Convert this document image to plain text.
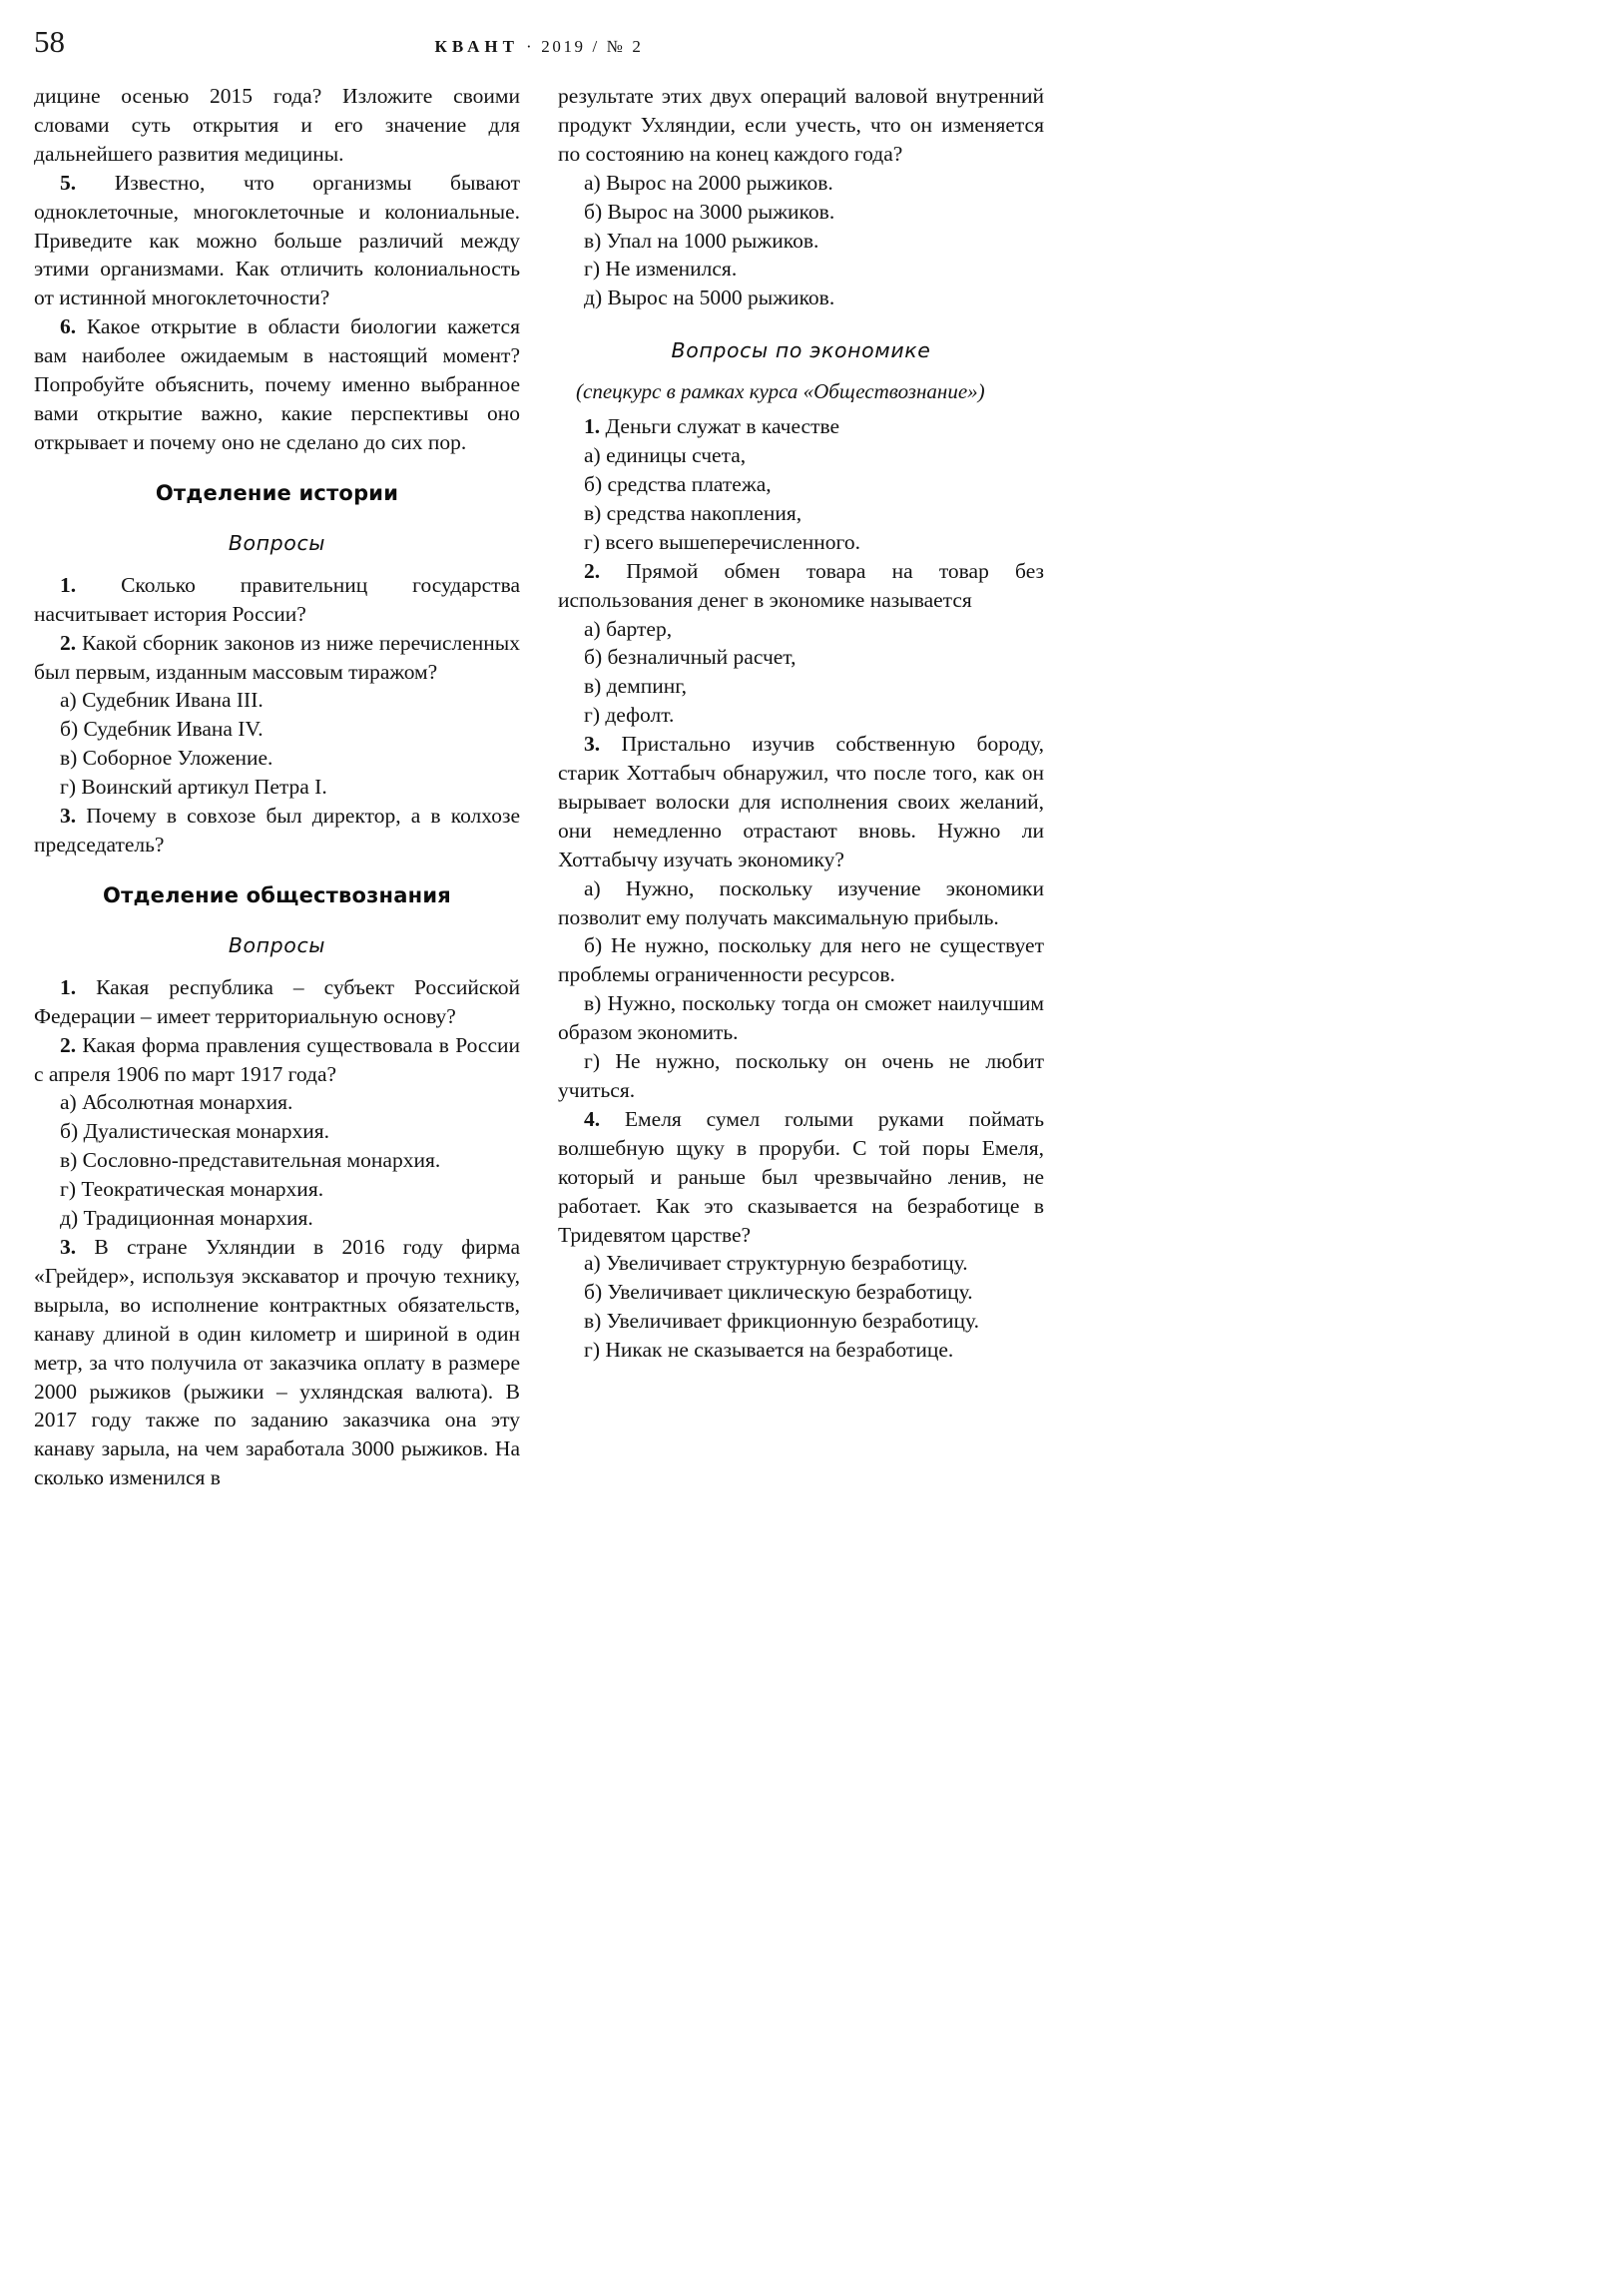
58	КВАНТ · 2019 / № 2

дицине осенью 2015 года? Изложите своими словами суть открытия и его значение для дальнейшего развития медицины.

5. Известно, что организмы бывают одноклеточные, многоклеточные и колониальные. Приведите как можно больше различий между этими организмами. Как отличить колониальность от истинной многоклеточности?

6. Какое открытие в области биологии кажется вам наиболее ожидаемым в настоящий момент? Попробуйте объяснить, почему именно выбранное вами открытие важно, какие перспективы оно открывает и почему оно не сделано до сих пор.

Отделение истории
Вопросы

1. Сколько правительниц государства насчитывает история России?

2. Какой сборник законов из ниже перечисленных был первым, изданным массовым тиражом?

а) Судебник Ивана III.

б) Судебник Ивана IV.

в) Соборное Уложение.

г) Воинский артикул Петра I.

3. Почему в совхозе был директор, а в колхозе председатель?

Отделение обществознания
Вопросы

1. Какая республика – субъект Российской Федерации – имеет территориальную основу?

2. Какая форма правления существовала в России с апреля 1906 по март 1917 года?

а) Абсолютная монархия.

б) Дуалистическая монархия.

в) Сословно-представительная монархия.

г) Теократическая монархия.

д) Традиционная монархия.

3. В стране Ухляндии в 2016 году фирма «Грейдер», используя экскаватор и прочую технику, вырыла, во исполнение контрактных обязательств, канаву длиной в один километр и шириной в один метр, за что получила от заказчика оплату в размере 2000 рыжиков (рыжики – ухляндская валюта). В 2017 году также по заданию заказчика она эту канаву зарыла, на чем заработала 3000 рыжиков. На сколько изменился в

результате этих двух операций валовой внутренний продукт Ухляндии, если учесть, что он изменяется по состоянию на конец каждого года?

а) Вырос на 2000 рыжиков.

б) Вырос на 3000 рыжиков.

в) Упал на 1000 рыжиков.

г) Не изменился.

д) Вырос на 5000 рыжиков.

Вопросы по экономике

(спецкурс в рамках курса «Обществознание»)

1. Деньги служат в качестве

а) единицы счета,

б) средства платежа,

в) средства накопления,

г) всего вышеперечисленного.

2. Прямой обмен товара на товар без использования денег в экономике называется

а) бартер,

б) безналичный расчет,

в) демпинг,

г) дефолт.

3. Пристально изучив собственную бороду, старик Хоттабыч обнаружил, что после того, как он вырывает волоски для исполнения своих желаний, они немедленно отрастают вновь. Нужно ли Хоттабычу изучать экономику?

а) Нужно, поскольку изучение экономики позволит ему получать максимальную прибыль.

б) Не нужно, поскольку для него не существует проблемы ограниченности ресурсов.

в) Нужно, поскольку тогда он сможет наилучшим образом экономить.

г) Не нужно, поскольку он очень не любит учиться.

4. Емеля сумел голыми руками поймать волшебную щуку в проруби. С той поры Емеля, который и раньше был чрезвычайно ленив, не работает. Как это сказывается на безработице в Тридевятом царстве?

а) Увеличивает структурную безработицу.

б) Увеличивает циклическую безработицу.

в) Увеличивает фрикционную безработицу.

г) Никак не сказывается на безработице.
